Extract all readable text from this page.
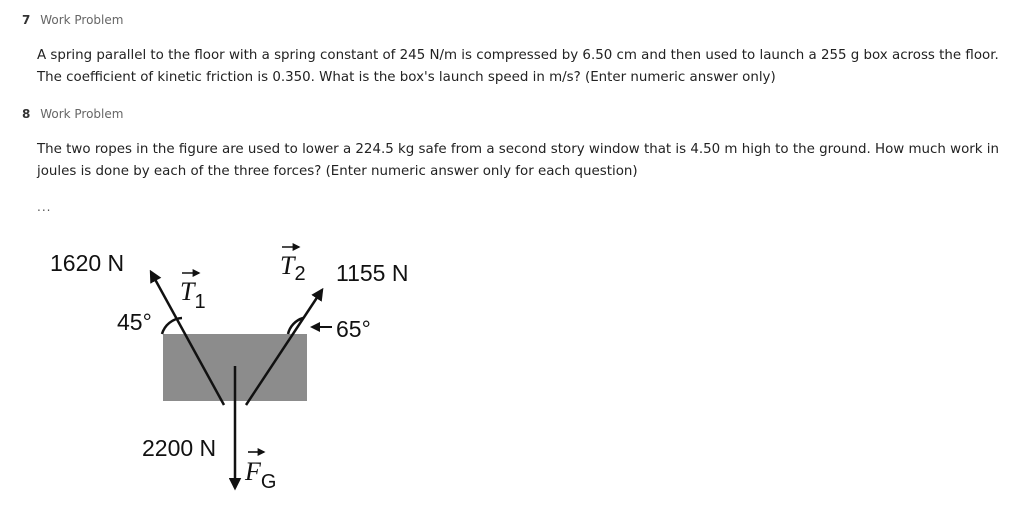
7 Work Problem
A spring parallel to the floor with a spring constant of 245 N/m is compressed by 6.50 cm and then used to launch a 255 g box across the floor. The coefficient of kinetic friction is 0.350. What is the box's launch speed in m/s? (Enter numeric answer only)
8 Work Problem
The two ropes in the figure are used to lower a 224.5 kg safe from a second story window that is 4.50 m high to the ground. How much work in joules is done by each of the three forces? (Enter numeric answer only for each question)
...
1620 N
45°
$T_1$
$T_2$ 1155 N
65°
2200 N
$F_G$
